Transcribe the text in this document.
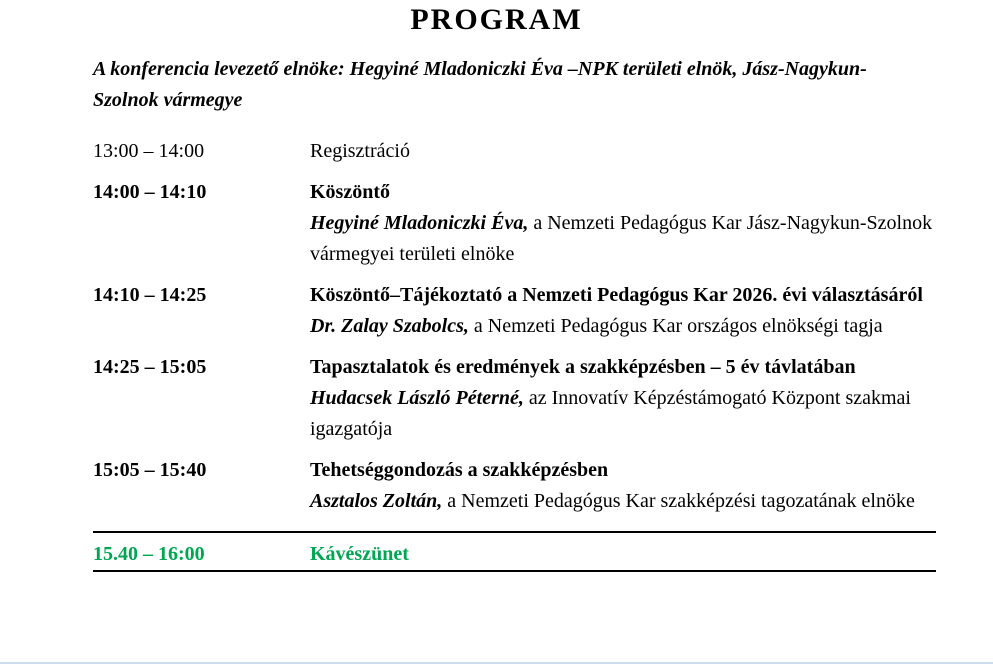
PROGRAM

A konferencia levezető elnöke: Hegyiné Mladoniczki Éva –NPK területi elnök, Jász-Nagykun-Szolnok vármegye

13:00 – 14:00	Regisztráció
14:00 – 14:10	Köszöntő

Hegyiné Mladoniczki Éva, a Nemzeti Pedagógus Kar Jász-Nagykun-Szolnok vármegyei területi elnöke

14:10 – 14:25	Köszöntő–Tájékoztató a Nemzeti Pedagógus Kar 2026. évi választásáról

Dr. Zalay Szabolcs, a Nemzeti Pedagógus Kar országos elnökségi tagja

14:25 – 15:05	Tapasztalatok és eredmények a szakképzésben – 5 év távlatában

Hudacsek László Péterné, az Innovatív Képzéstámogató Központ szakmai igazgatója

15:05 – 15:40	Tehetséggondozás a szakképzésben

Asztalos Zoltán, a Nemzeti Pedagógus Kar szakképzési tagozatának elnöke

15.40 – 16:00	Kávészünet
